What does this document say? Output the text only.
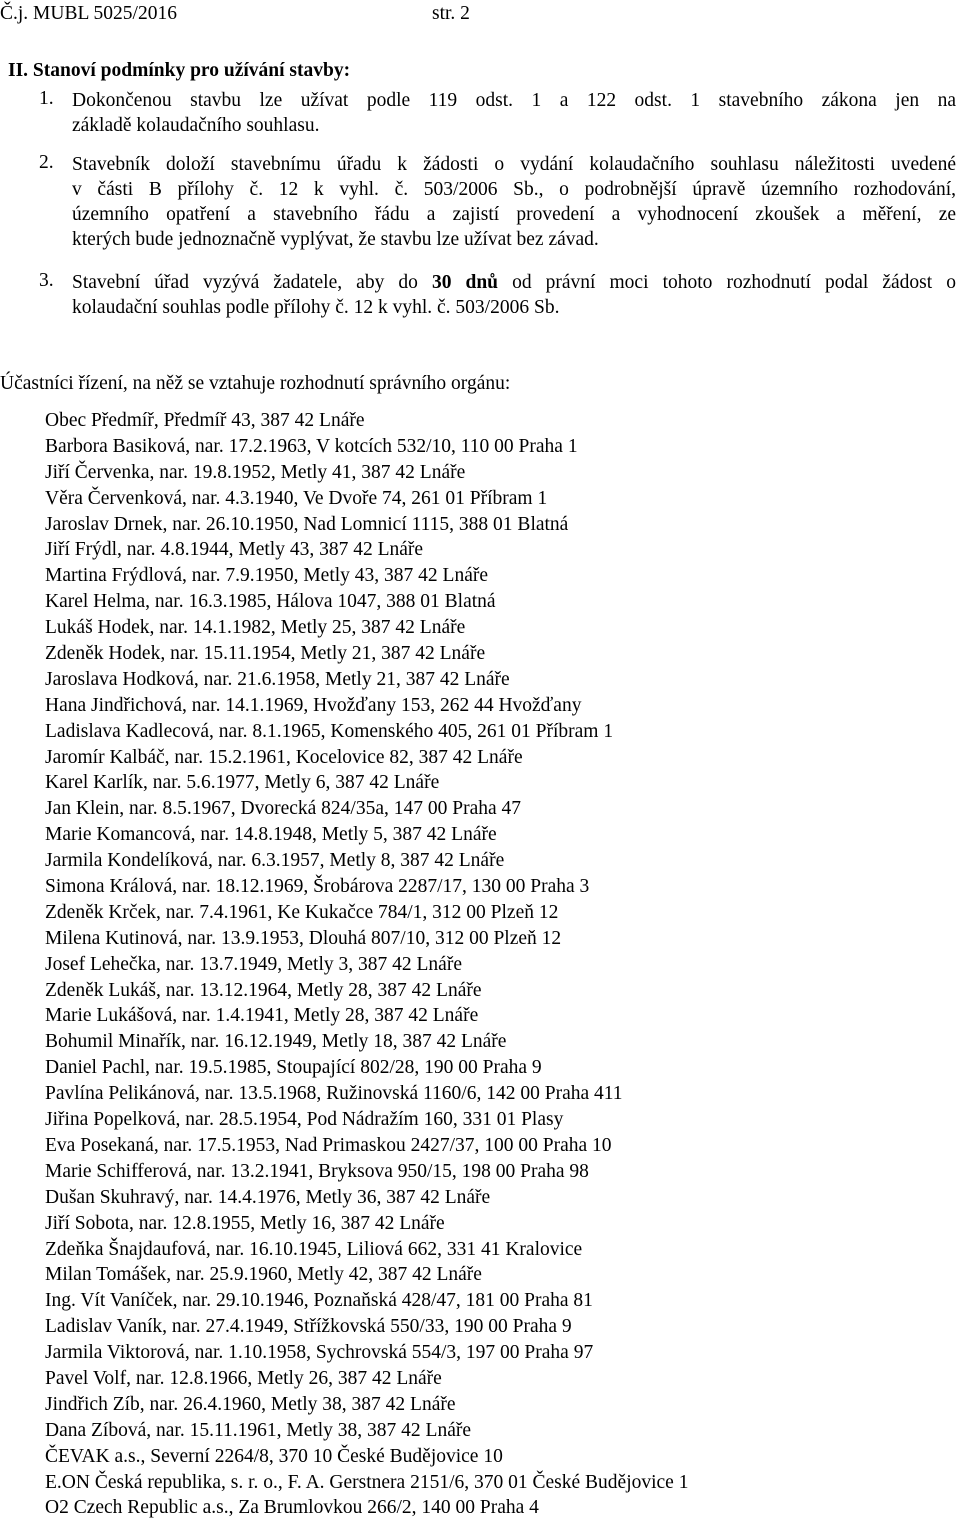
Č.j. MUBL 5025/2016	str. 2
II. Stanoví podmínky pro užívání stavby:
1. Dokončenou stavbu lze užívat podle 119 odst. 1 a 122 odst. 1 stavebního zákona jen na
základě kolaudačního souhlasu.
2. Stavebník doloží stavebnímu úřadu k žádosti o vydání kolaudačního souhlasu náležitosti uvedené
v části B přílohy č. 12 k vyhl. č. 503/2006 Sb., o podrobnější úpravě územního rozhodování,
územního opatření a stavebního řádu a zajistí provedení a vyhodnocení zkoušek a měření, ze
kterých bude jednoznačně vyplývat, že stavbu lze užívat bez závad.
3. Stavební úřad vyzývá žadatele, aby do 30 dnů od právní moci tohoto rozhodnutí podal žádost o
kolaudační souhlas podle přílohy č. 12 k vyhl. č. 503/2006 Sb.
Účastníci řízení, na něž se vztahuje rozhodnutí správního orgánu:
Obec Předmíř, Předmíř 43, 387 42 Lnáře
Barbora Basiková, nar. 17.2.1963, V kotcích 532/10, 110 00 Praha 1
Jiří Červenka, nar. 19.8.1952, Metly 41, 387 42 Lnáře
Věra Červenková, nar. 4.3.1940, Ve Dvoře 74, 261 01 Příbram 1
Jaroslav Drnek, nar. 26.10.1950, Nad Lomnicí 1115, 388 01 Blatná
Jiří Frýdl, nar. 4.8.1944, Metly 43, 387 42 Lnáře
Martina Frýdlová, nar. 7.9.1950, Metly 43, 387 42 Lnáře
Karel Helma, nar. 16.3.1985, Hálova 1047, 388 01 Blatná
Lukáš Hodek, nar. 14.1.1982, Metly 25, 387 42 Lnáře
Zdeněk Hodek, nar. 15.11.1954, Metly 21, 387 42 Lnáře
Jaroslava Hodková, nar. 21.6.1958, Metly 21, 387 42 Lnáře
Hana Jindřichová, nar. 14.1.1969, Hvožďany 153, 262 44 Hvožďany
Ladislava Kadlecová, nar. 8.1.1965, Komenského 405, 261 01 Příbram 1
Jaromír Kalbáč, nar. 15.2.1961, Kocelovice 82, 387 42 Lnáře
Karel Karlík, nar. 5.6.1977, Metly 6, 387 42 Lnáře
Jan Klein, nar. 8.5.1967, Dvorecká 824/35a, 147 00 Praha 47
Marie Komancová, nar. 14.8.1948, Metly 5, 387 42 Lnáře
Jarmila Kondelíková, nar. 6.3.1957, Metly 8, 387 42 Lnáře
Simona Králová, nar. 18.12.1969, Šrobárova 2287/17, 130 00 Praha 3
Zdeněk Krček, nar. 7.4.1961, Ke Kukačce 784/1, 312 00 Plzeň 12
Milena Kutinová, nar. 13.9.1953, Dlouhá 807/10, 312 00 Plzeň 12
Josef Lehečka, nar. 13.7.1949, Metly 3, 387 42 Lnáře
Zdeněk Lukáš, nar. 13.12.1964, Metly 28, 387 42 Lnáře
Marie Lukášová, nar. 1.4.1941, Metly 28, 387 42 Lnáře
Bohumil Minařík, nar. 16.12.1949, Metly 18, 387 42 Lnáře
Daniel Pachl, nar. 19.5.1985, Stoupající 802/28, 190 00 Praha 9
Pavlína Pelikánová, nar. 13.5.1968, Ružinovská 1160/6, 142 00 Praha 411
Jiřina Popelková, nar. 28.5.1954, Pod Nádražím 160, 331 01 Plasy
Eva Posekaná, nar. 17.5.1953, Nad Primaskou 2427/37, 100 00 Praha 10
Marie Schifferová, nar. 13.2.1941, Bryksova 950/15, 198 00 Praha 98
Dušan Skuhravý, nar. 14.4.1976, Metly 36, 387 42 Lnáře
Jiří Sobota, nar. 12.8.1955, Metly 16, 387 42 Lnáře
Zdeňka Šnajdaufová, nar. 16.10.1945, Liliová 662, 331 41 Kralovice
Milan Tomášek, nar. 25.9.1960, Metly 42, 387 42 Lnáře
Ing. Vít Vaníček, nar. 29.10.1946, Poznaňská 428/47, 181 00 Praha 81
Ladislav Vaník, nar. 27.4.1949, Střížkovská 550/33, 190 00 Praha 9
Jarmila Viktorová, nar. 1.10.1958, Sychrovská 554/3, 197 00 Praha 97
Pavel Volf, nar. 12.8.1966, Metly 26, 387 42 Lnáře
Jindřich Zíb, nar. 26.4.1960, Metly 38, 387 42 Lnáře
Dana Zíbová, nar. 15.11.1961, Metly 38, 387 42 Lnáře
ČEVAK a.s., Severní 2264/8, 370 10 České Budějovice 10
E.ON Česká republika, s. r. o., F. A. Gerstnera 2151/6, 370 01 České Budějovice 1
O2 Czech Republic a.s., Za Brumlovkou 266/2, 140 00 Praha 4
